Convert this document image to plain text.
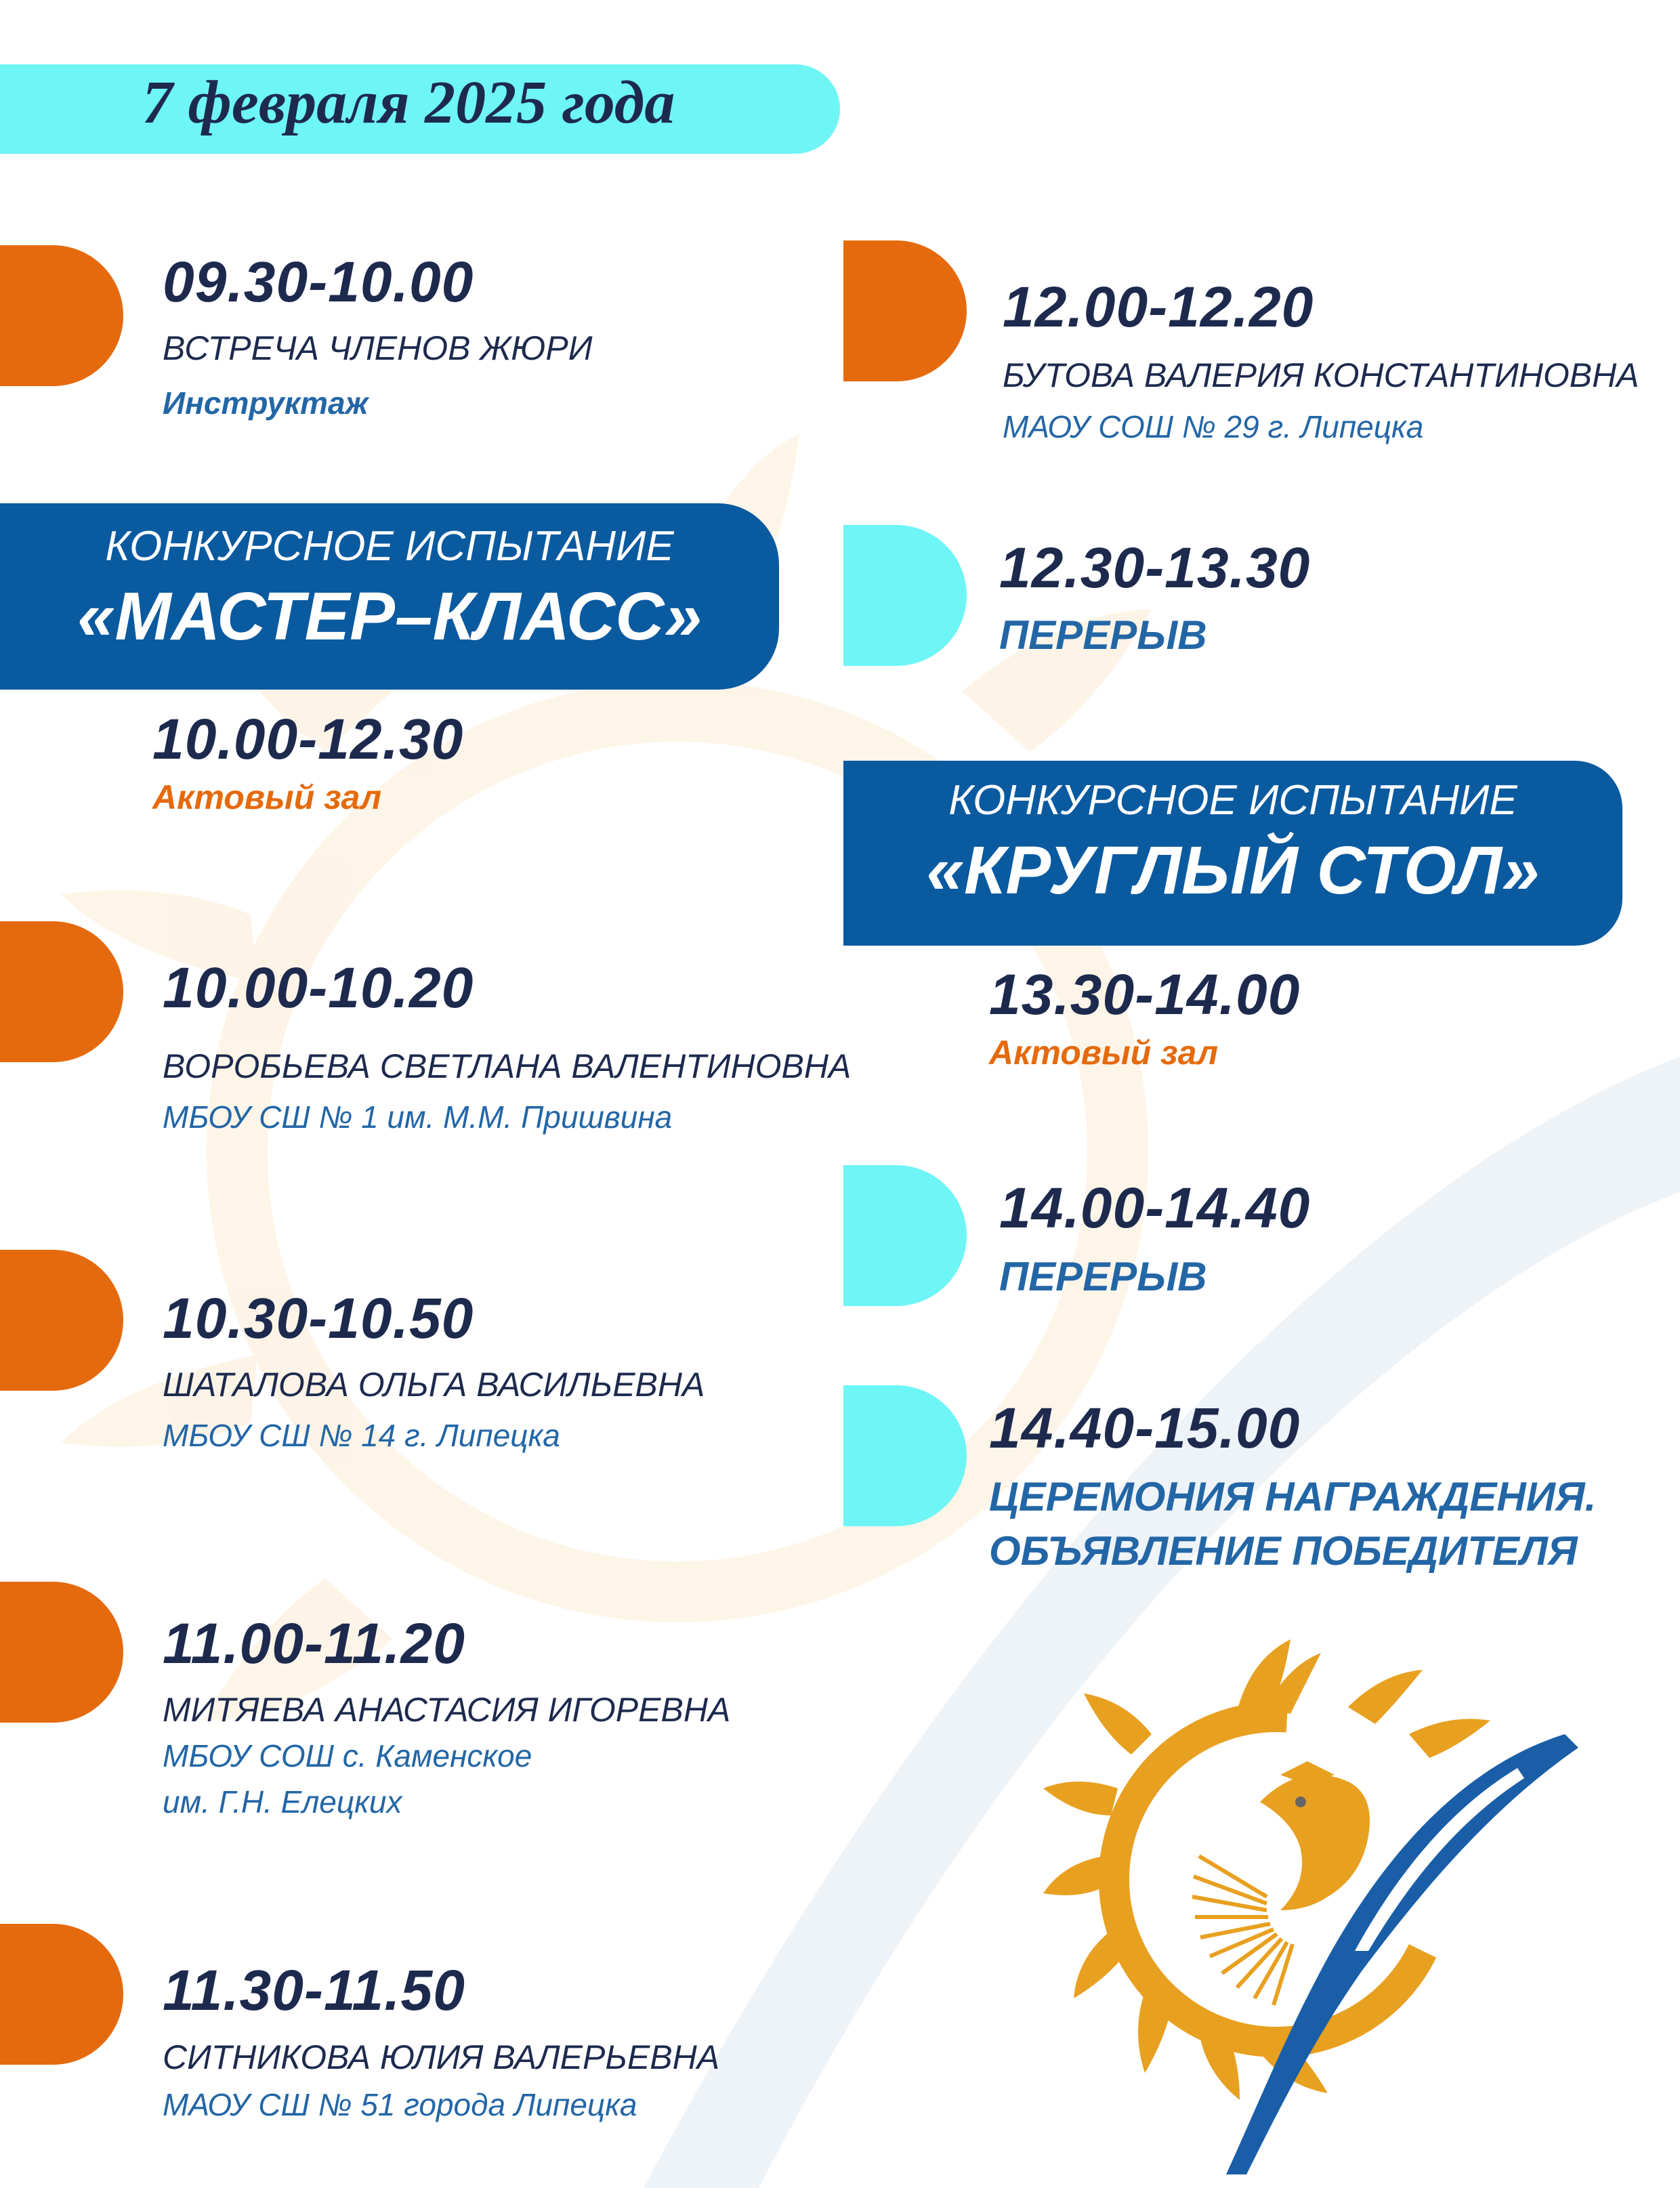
7 февраля 2025 года
09.30-10.00
ВСТРЕЧА ЧЛЕНОВ ЖЮРИ
Инструктаж
КОНКУРСНОЕ ИСПЫТАНИЕ
«МАСТЕР–КЛАСС»
10.00-12.30
Актовый зал
10.00-10.20
ВОРОБЬЕВА СВЕТЛАНА ВАЛЕНТИНОВНА
МБОУ СШ № 1 им. М.М. Пришвина
10.30-10.50
ШАТАЛОВА ОЛЬГА ВАСИЛЬЕВНА
МБОУ СШ № 14 г. Липецка
11.00-11.20
МИТЯЕВА АНАСТАСИЯ ИГОРЕВНА
МБОУ СОШ с. Каменское
им. Г.Н. Елецких
11.30-11.50
СИТНИКОВА ЮЛИЯ ВАЛЕРЬЕВНА
МАОУ СШ № 51 города Липецка
12.00-12.20
БУТОВА ВАЛЕРИЯ КОНСТАНТИНОВНА
МАОУ СОШ № 29 г. Липецка
12.30-13.30
ПЕРЕРЫВ
КОНКУРСНОЕ ИСПЫТАНИЕ
«КРУГЛЫЙ СТОЛ»
13.30-14.00
Актовый зал
14.00-14.40
ПЕРЕРЫВ
14.40-15.00
ЦЕРЕМОНИЯ НАГРАЖДЕНИЯ.
ОБЪЯВЛЕНИЕ ПОБЕДИТЕЛЯ
